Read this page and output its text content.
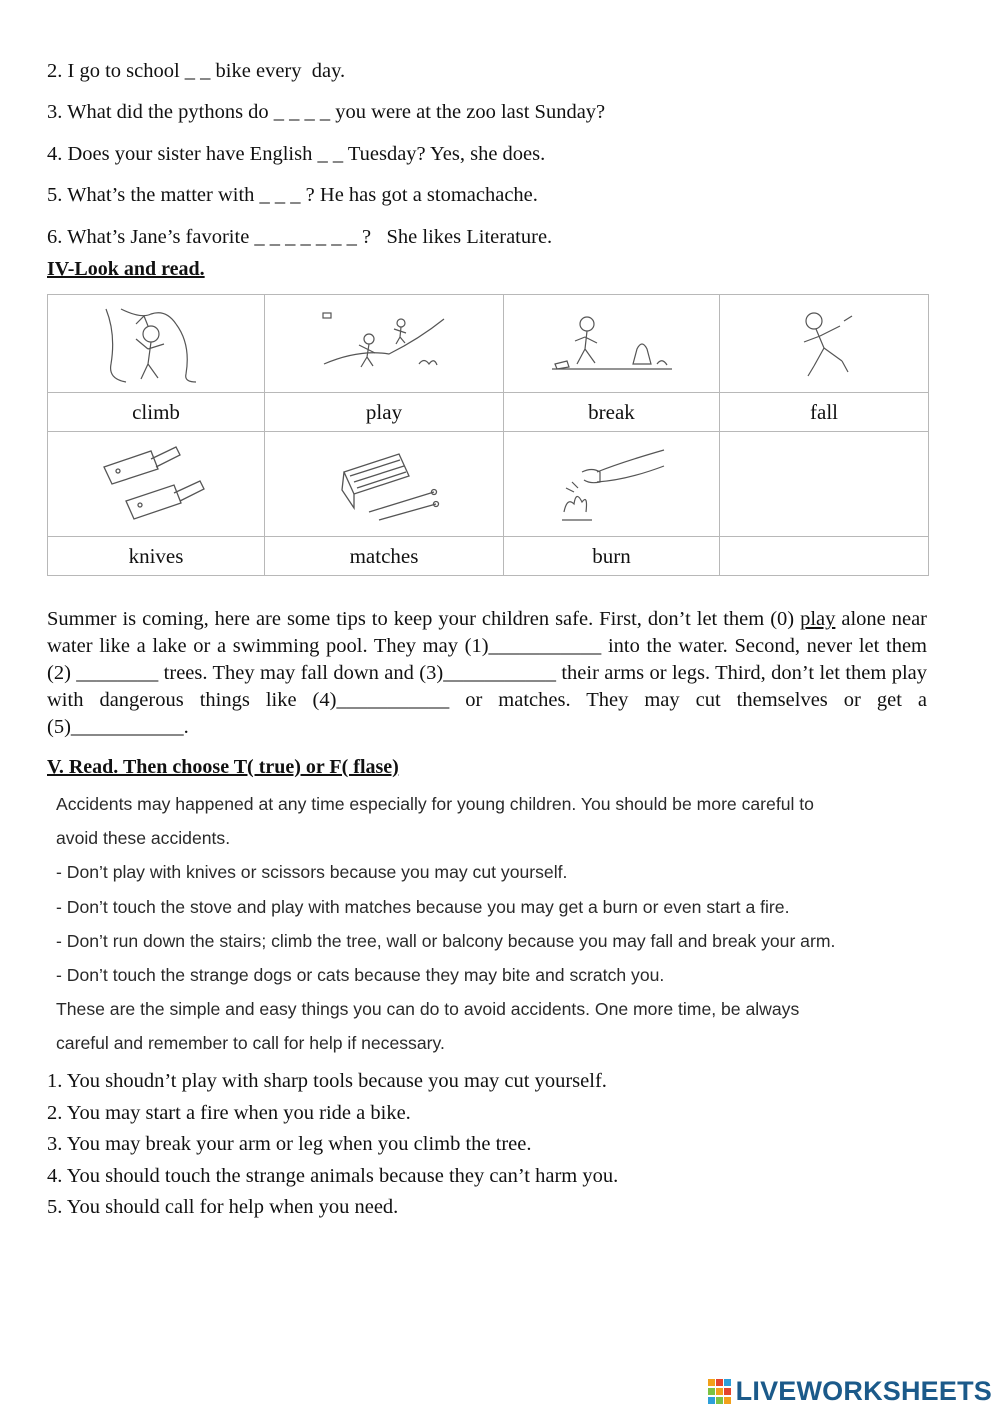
2. I go to school _ _ bike every  day.

3. What did the pythons do _ _ _ _ you were at the zoo last Sunday?

4. Does your sister have English _ _ Tuesday? Yes, she does.

5. What’s the matter with _ _ _ ? He has got a stomachache.

6. What’s Jane’s favorite _ _ _ _ _ _ _ ?   She likes Literature.

IV-Look and read.

climb	play	break	fall

knives	matches	burn	

Summer is coming, here are some tips to keep your children safe. First, don’t let them (0) play alone near water like a lake or a swimming pool. They may (1)___________ into the water. Second, never let them (2) ________ trees. They may fall down and (3)___________ their arms or legs. Third, don’t let them play with dangerous things like (4)___________ or matches. They may cut themselves or get a (5)___________.

V. Read. Then choose T( true) or F( flase)

Accidents may happened at any time especially for young children. You should be more careful to

avoid these accidents.

- Don’t play with knives or scissors because you may cut yourself.

- Don’t touch the stove and play with matches because you may get a burn or even start a fire.

- Don’t run down the stairs; climb the tree, wall or balcony because you may fall and break your arm.

- Don’t touch the strange dogs or cats because they may bite and scratch you.

These are the simple and easy things you can do to avoid accidents. One more time, be always

careful and remember to call for help if necessary.

1. You shoudn’t play with sharp tools because you may cut yourself.
2. You may start a fire when you ride a bike.
3. You may break your arm or leg when you climb the tree.
4. You should touch the strange animals because they can’t harm you.
5. You should call for help when you need.
LIVEWORKSHEETS
